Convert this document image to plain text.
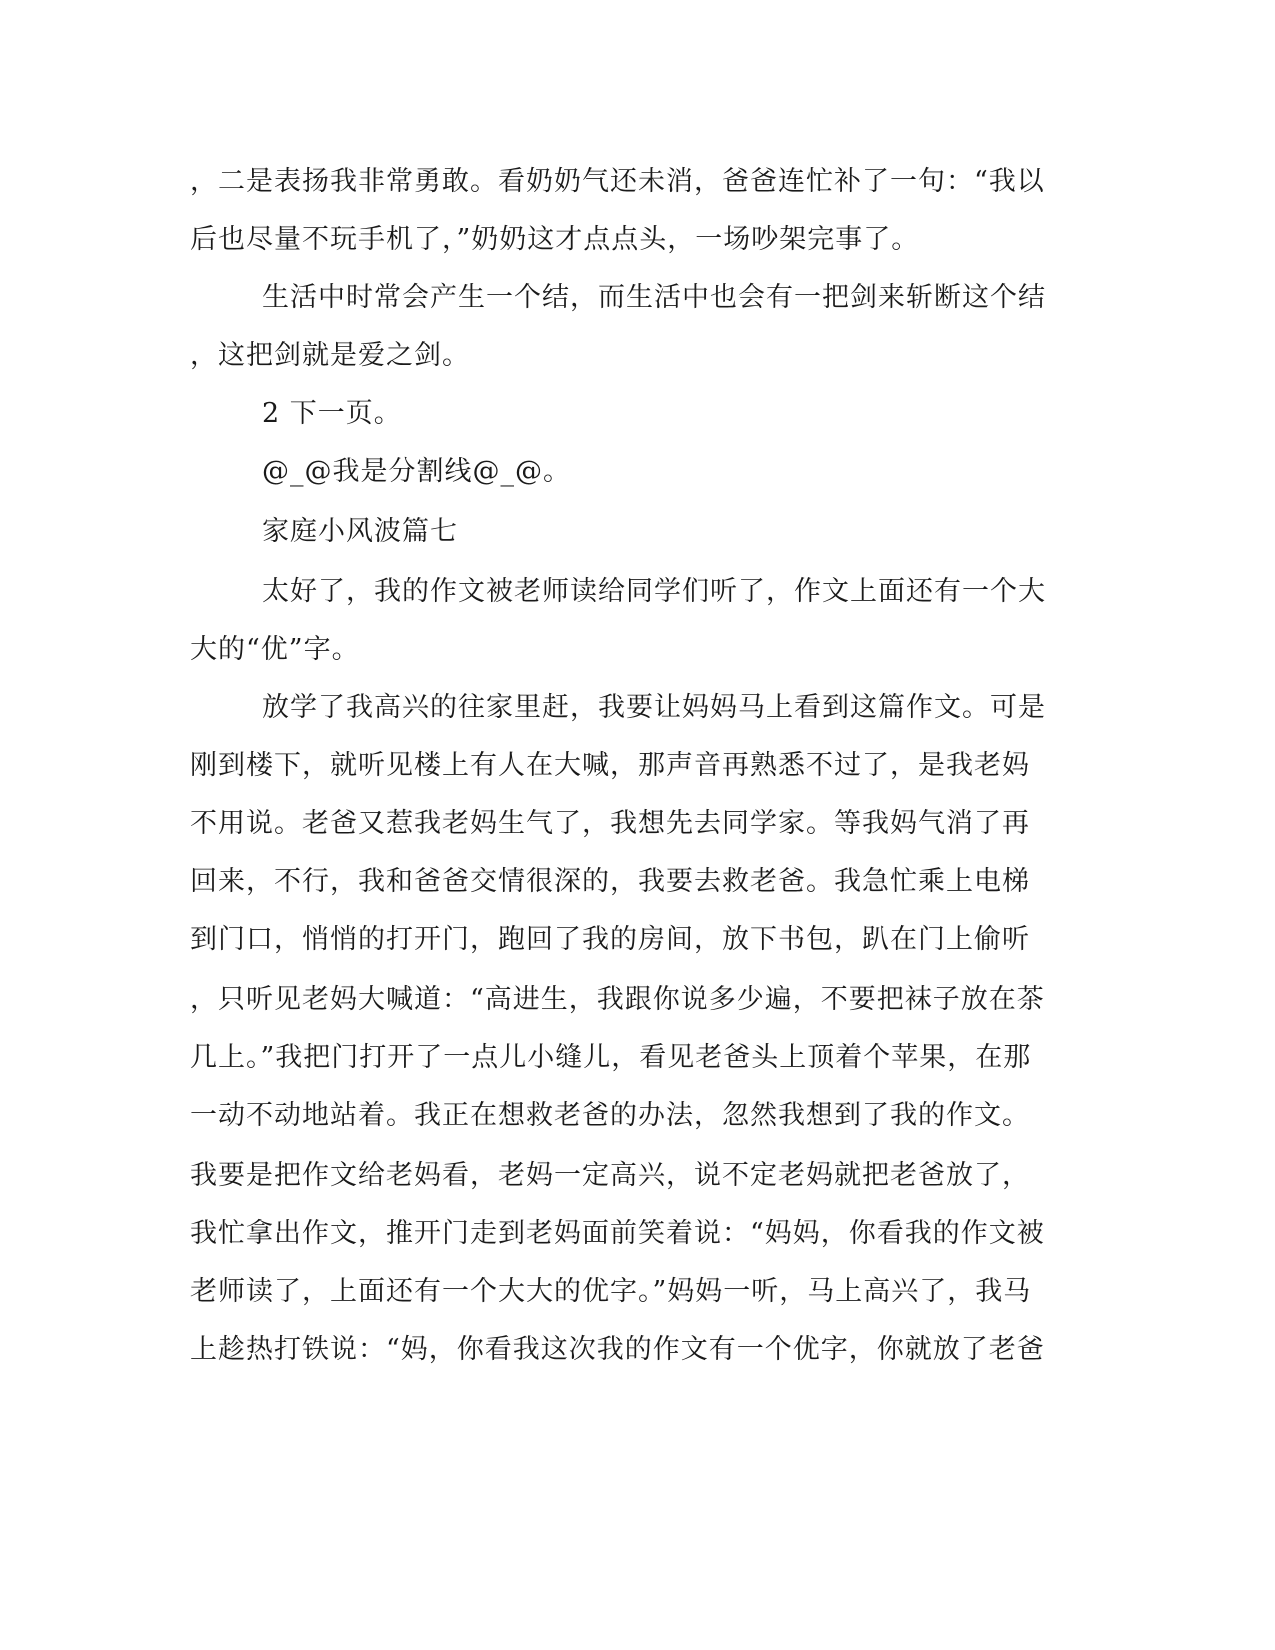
，二是表扬我非常勇敢。看奶奶气还未消，爸爸连忙补了一句：“我以
后也尽量不玩手机了，”奶奶这才点点头，一场吵架完事了。
生活中时常会产生一个结，而生活中也会有一把剑来斩断这个结
，这把剑就是爱之剑。
2 下一页。
@_@我是分割线@_@。
家庭小风波篇七
太好了，我的作文被老师读给同学们听了，作文上面还有一个大
大的“优”字。
放学了我高兴的往家里赶，我要让妈妈马上看到这篇作文。可是
刚到楼下，就听见楼上有人在大喊，那声音再熟悉不过了，是我老妈
不用说。老爸又惹我老妈生气了，我想先去同学家。等我妈气消了再
回来，不行，我和爸爸交情很深的，我要去救老爸。我急忙乘上电梯
到门口，悄悄的打开门，跑回了我的房间，放下书包，趴在门上偷听
，只听见老妈大喊道：“高进生，我跟你说多少遍，不要把袜子放在茶
几上。”我把门打开了一点儿小缝儿，看见老爸头上顶着个苹果，在那
一动不动地站着。我正在想救老爸的办法，忽然我想到了我的作文。
我要是把作文给老妈看，老妈一定高兴，说不定老妈就把老爸放了，
我忙拿出作文，推开门走到老妈面前笑着说：“妈妈，你看我的作文被
老师读了，上面还有一个大大的优字。”妈妈一听，马上高兴了，我马
上趁热打铁说：“妈，你看我这次我的作文有一个优字，你就放了老爸
